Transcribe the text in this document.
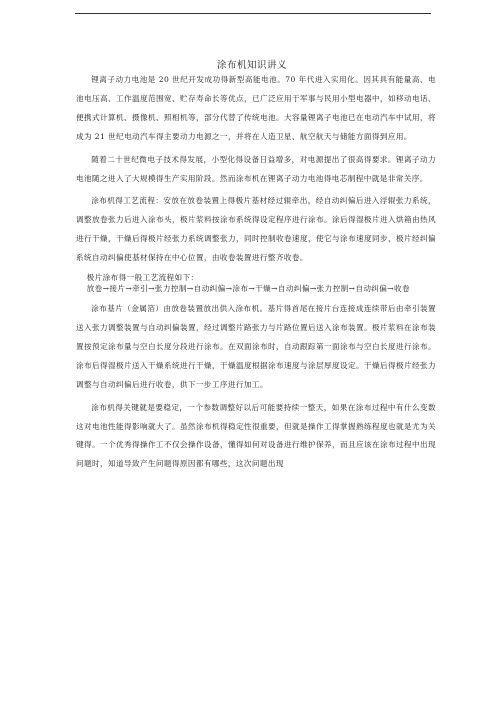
涂布机知识讲义

锂离子动力电池是 20 世纪开发成功得新型高能电池。70 年代进入实用化。因其具有能量高、电池电压高、工作温度范围宽、贮存寿命长等优点，已广泛应用于军事与民用小型电器中，如移动电话、便携式计算机、摄像机、照相机等，部分代替了传统电池。大容量锂离子电池已在电动汽车中试用，将成为 21 世纪电动汽车得主要动力电源之一，并将在人造卫星、航空航天与储能方面得到应用。

随着二十世纪微电子技术得发展，小型化得设备日益增多，对电源提出了很高得要求。锂离子动力电池随之进入了大规模得生产实用阶段。然而涂布机在锂离子动力电池得电芯制程中就是非常关序。

涂布机得工艺流程：安放在放卷装置上得极片基材经过辊牵出，经自动纠偏后进入浮辊张力系统，调整放卷张力后进入涂布头，极片浆料按涂布系统得设定程序进行涂布。涂后得湿极片进入烘箱由热风进行干燥，干燥后得极片经张力系统调整张力，同时控制收卷速度，使它与涂布速度同步，极片经纠偏系统自动纠偏使基材保持在中心位置，由收卷装置进行整齐收卷。

极片涂布得一般工艺流程如下：

放卷→接片→牵引→张力控制→自动纠偏→涂布→干燥→自动纠偏→张力控制→自动纠偏→收卷

涂布基片（金属箔）由放卷装置放出供入涂布机。基片得首尾在接片台连接成连续带后由牵引装置送入张力调整装置与自动纠偏装置，经过调整片路张力与片路位置后送入涂布装置。极片浆料在涂布装置按预定涂布量与空白长度分段进行涂布。在双面涂布时，自动跟踪第一面涂布与空白长度进行涂布。涂布后得湿极片送入干燥系统进行干燥，干燥温度根据涂布速度与涂层厚度设定。干燥后得极片经张力调整与自动纠偏后进行收卷，供下一步工序进行加工。

涂布机得关键就是要稳定，一个参数调整好以后可能要持续一整天，如果在涂布过程中有什么变数这对电池性能得影响就大了。虽然涂布机得稳定性很重要，但就是操作工得掌握熟练程度也就是尤为关键得。一个优秀得操作工不仅会操作设备，懂得如何对设备进行维护保养，而且应该在涂布过程中出现问题时，知道导致产生问题得原因都有哪些，这次问题出现
